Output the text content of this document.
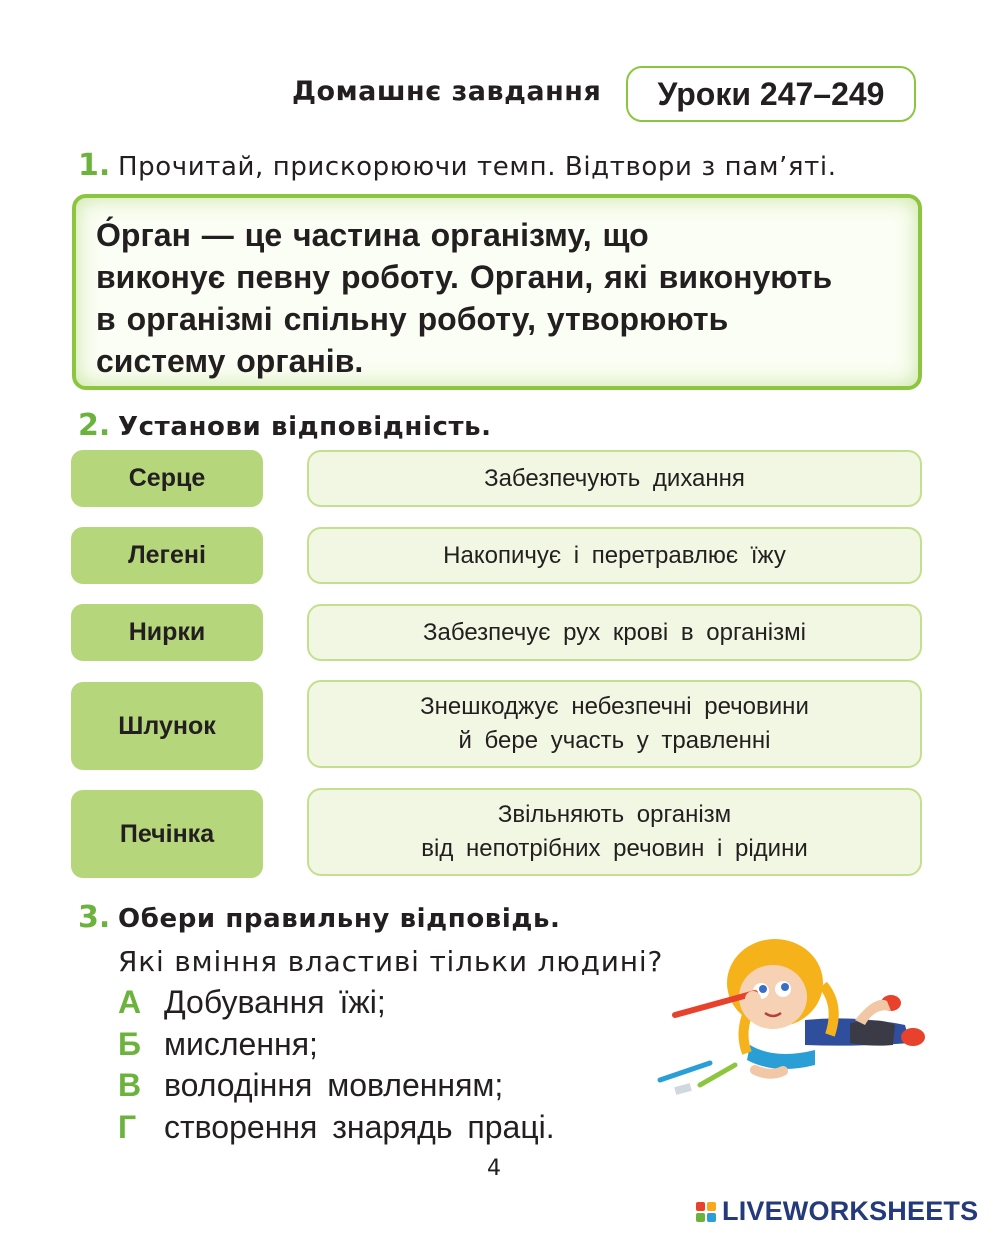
Домашнє завдання	Уроки 247–249
1. Прочитай, прискорюючи темп. Відтвори з пам’яті.
О́рган — це частина організму, що
виконує певну роботу. Органи, які виконують
в організмі спільну роботу, утворюють
систему органів.
2. Установи відповідність.
Серце
Легені
Нирки
Шлунок
Печінка
Забезпечують дихання
Накопичує і перетравлює їжу
Забезпечує рух крові в організмі
Знешкоджує небезпечні речовини
й бере участь у травленні
Звільняють організм
від непотрібних речовин і рідини
3. Обери правильну відповідь.
Які вміння властиві тільки людині?
А Добування їжі;
Б мислення;
В володіння мовленням;
Г створення знарядь праці.
4
LIVEWORKSHEETS
